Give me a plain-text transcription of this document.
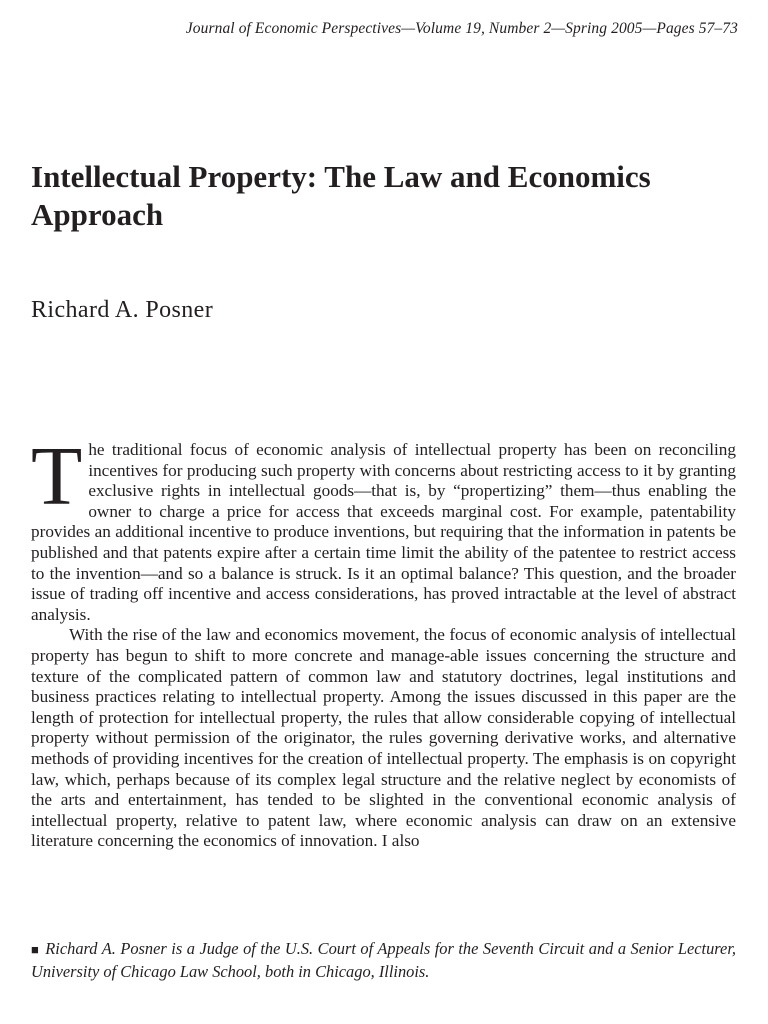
Journal of Economic Perspectives—Volume 19, Number 2—Spring 2005—Pages 57–73
Intellectual Property: The Law and Economics Approach
Richard A. Posner

The traditional focus of economic analysis of intellectual property has been on reconciling incentives for producing such property with concerns about restricting access to it by granting exclusive rights in intellectual goods—that is, by “propertizing” them—thus enabling the owner to charge a price for access that exceeds marginal cost. For example, patentability provides an additional incentive to produce inventions, but requiring that the information in patents be published and that patents expire after a certain time limit the ability of the patentee to restrict access to the invention—and so a balance is struck. Is it an optimal balance? This question, and the broader issue of trading off incentive and access considerations, has proved intractable at the level of abstract analysis.

With the rise of the law and economics movement, the focus of economic analysis of intellectual property has begun to shift to more concrete and manage-able issues concerning the structure and texture of the complicated pattern of common law and statutory doctrines, legal institutions and business practices relating to intellectual property. Among the issues discussed in this paper are the length of protection for intellectual property, the rules that allow considerable copying of intellectual property without permission of the originator, the rules governing derivative works, and alternative methods of providing incentives for the creation of intellectual property. The emphasis is on copyright law, which, perhaps because of its complex legal structure and the relative neglect by economists of the arts and entertainment, has tended to be slighted in the conventional economic analysis of intellectual property, relative to patent law, where economic analysis can draw on an extensive literature concerning the economics of innovation. I also

■ Richard A. Posner is a Judge of the U.S. Court of Appeals for the Seventh Circuit and a Senior Lecturer, University of Chicago Law School, both in Chicago, Illinois.
